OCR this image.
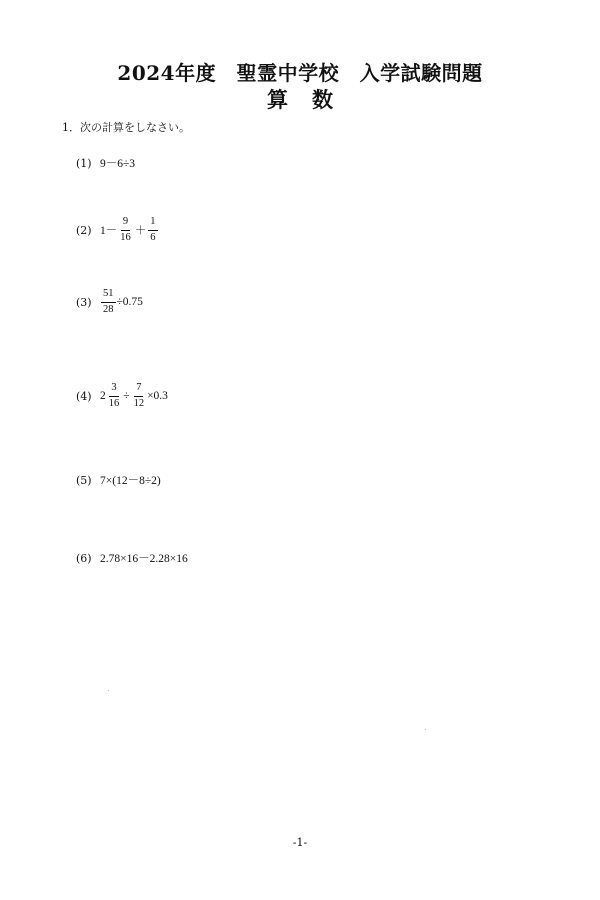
2024年度　聖霊中学校　入学試験問題
算数
1．次の計算をしなさい。
(1) 9－6÷3
(2) $1- \frac{9}{16} + \frac{1}{6}$
$(3) \frac{51}{28} \div 0.75$
(4) $2 \frac{3}{16} \div \frac{7}{12} \times 0.3$
(5) 7×(12－8÷2)
(6) 2.78×16－2.28×16
-1-
